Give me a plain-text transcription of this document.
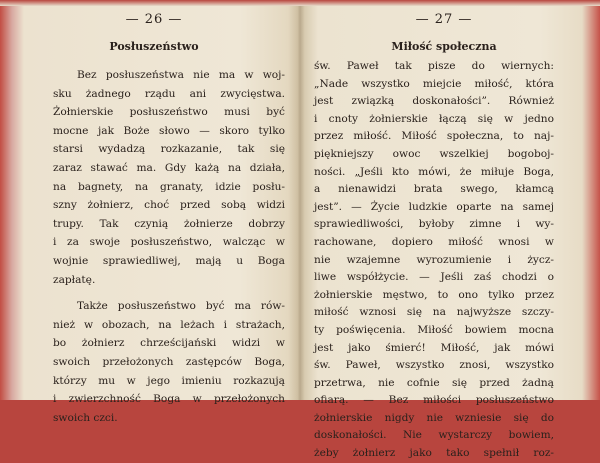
— 26 —
Posłuszeństwo
Bez posłuszeństwa nie ma w woj-
sku żadnego rządu ani zwycięstwa.
Żołnierskie posłuszeństwo musi być
mocne jak Boże słowo — skoro tylko
starsi wydadzą rozkazanie, tak się
zaraz stawać ma. Gdy każą na działa,
na bagnety, na granaty, idzie posłu-
szny żołnierz, choć przed sobą widzi
trupy. Tak czynią żołnierze dobrzy
i za swoje posłuszeństwo, walcząc w
wojnie sprawiedliwej, mają u Boga
zapłatę.
Także posłuszeństwo być ma rów-
nież w obozach, na leżach i strażach,
bo żołnierz chrześcijański widzi w
swoich przełożonych zastępców Boga,
którzy mu w jego imieniu rozkazują
i zwierzchność Boga w przełożonych
swoich czci.
— 27 —
Miłość społeczna
św. Paweł tak pisze do wiernych:
„Nade wszystko miejcie miłość, która
jest związką doskonałości”. Również
i cnoty żołnierskie łączą się w jedno
przez miłość. Miłość społeczna, to naj-
piękniejszy owoc wszelkiej bogoboj-
ności. „Jeśli kto mówi, że miłuje Boga,
a nienawidzi brata swego, kłamcą
jest”. — Życie ludzkie oparte na samej
sprawiedliwości, byłoby zimne i wy-
rachowane, dopiero miłość wnosi w
nie wzajemne wyrozumienie i życz-
liwe współżycie. — Jeśli zaś chodzi o
żołnierskie męstwo, to ono tylko przez
miłość wznosi się na najwyższe szczy-
ty poświęcenia. Miłość bowiem mocna
jest jako śmierć! Miłość, jak mówi
św. Paweł, wszystko znosi, wszystko
przetrwa, nie cofnie się przed żadną
ofiarą. — Bez miłości posłuszeństwo
żołnierskie nigdy nie wzniesie się do
doskonałości. Nie wystarczy bowiem,
żeby żołnierz jako tako spełnił roz-
